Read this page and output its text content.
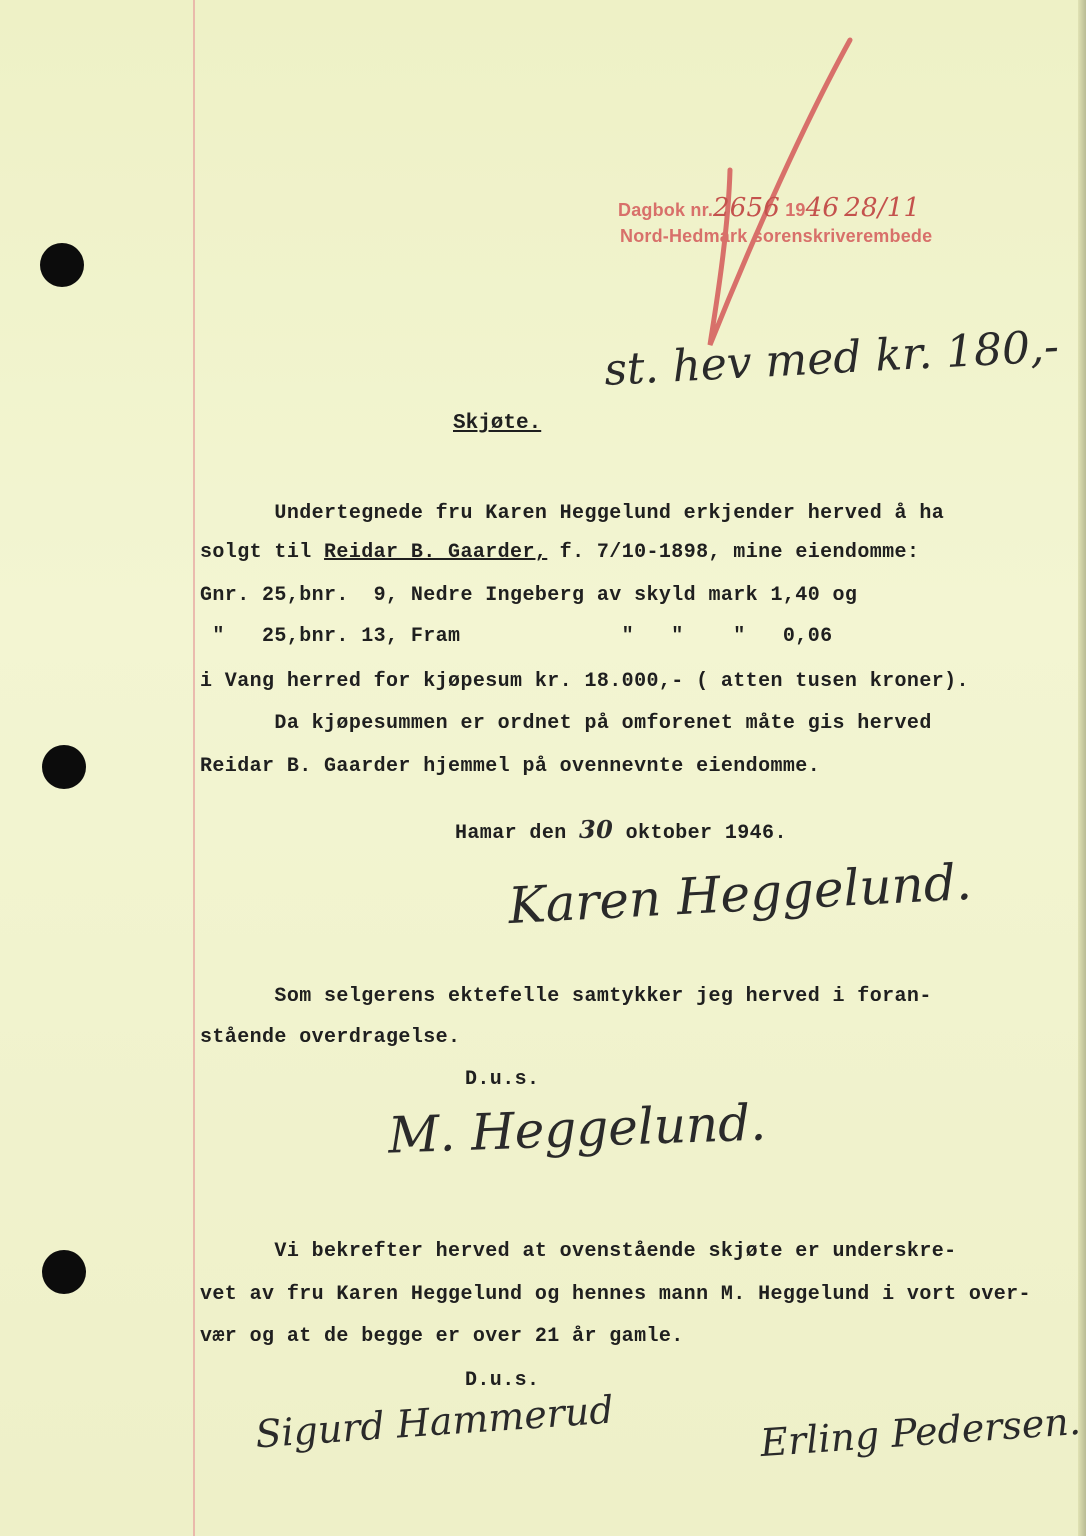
Dagbok nr.2656 1946 28/11
Nord-Hedmark sorenskriverembede
st. hev med kr. 180,-
Skjøte.
Undertegnede fru Karen Heggelund erkjender herved å ha
solgt til Reidar B. Gaarder, f. 7/10-1898, mine eiendomme:
Gnr. 25,bnr.  9, Nedre Ingeberg av skyld mark 1,40 og
"   25,bnr. 13, Fram             "   "    "   0,06
i Vang herred for kjøpesum kr. 18.000,- ( atten tusen kroner).
Da kjøpesummen er ordnet på omforenet måte gis herved
Reidar B. Gaarder hjemmel på ovennevnte eiendomme.
Hamar den 30 oktober 1946.
Karen Heggelund.
Som selgerens ektefelle samtykker jeg herved i foran-
stående overdragelse.
D.u.s.
M. Heggelund.
Vi bekrefter herved at ovenstående skjøte er underskre-
vet av fru Karen Heggelund og hennes mann M. Heggelund i vort over-
vær og at de begge er over 21 år gamle.
D.u.s.
Sigurd Hammerud	Erling Pedersen.
